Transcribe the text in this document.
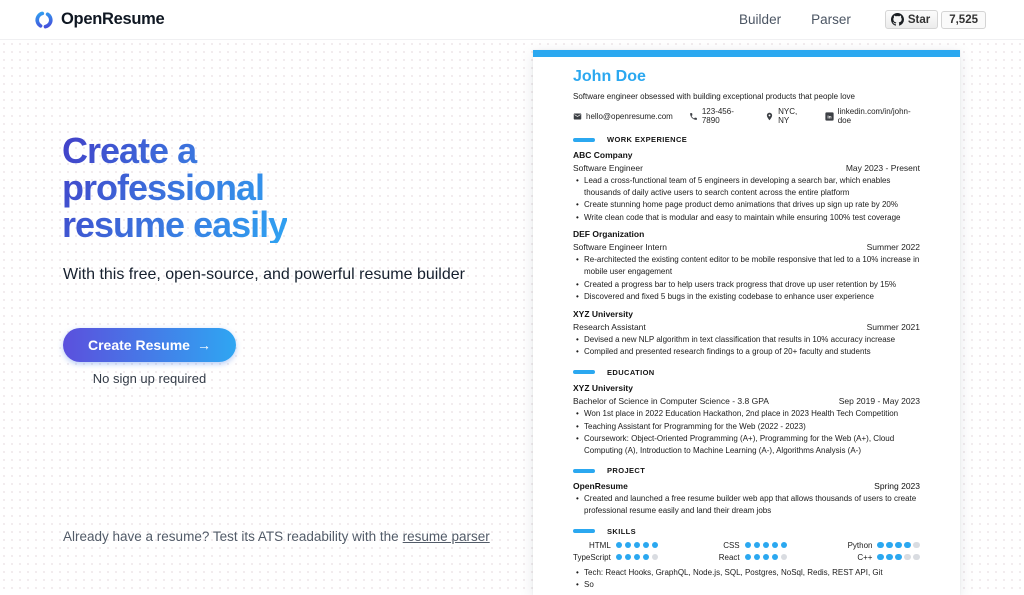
OpenResume	Builder Parser	Star	7,525
Create a
professional
resume easily

With this free, open-source, and powerful resume builder

Create Resume →
No sign up required

Already have a resume? Test its ATS readability with the resume parser

John Doe
Software engineer obsessed with building exceptional products that people love
hello@openresume.com	123-456-7890
NYC, NY	in
linkedin.com/in/john-doe
WORK EXPERIENCE
ABC Company
Software Engineer	May 2023 - Present
• Lead a cross-functional team of 5 engineers in developing a search bar, which enables thousands of daily active users to search content across the entire platform
• Create stunning home page product demo animations that drives up sign up rate by 20%
• Write clean code that is modular and easy to maintain while ensuring 100% test coverage
DEF Organization
Software Engineer Intern	Summer 2022
• Re-architected the existing content editor to be mobile responsive that led to a 10% increase in mobile user engagement
• Created a progress bar to help users track progress that drove up user retention by 15%
• Discovered and fixed 5 bugs in the existing codebase to enhance user experience
XYZ University
Research Assistant	Summer 2021
• Devised a new NLP algorithm in text classification that results in 10% accuracy increase
• Compiled and presented research findings to a group of 20+ faculty and students
EDUCATION
XYZ University
Bachelor of Science in Computer Science - 3.8 GPA	Sep 2019 - May 2023
• Won 1st place in 2022 Education Hackathon, 2nd place in 2023 Health Tech Competition
• Teaching Assistant for Programming for the Web (2022 - 2023)
• Coursework: Object-Oriented Programming (A+), Programming for the Web (A+), Cloud Computing (A), Introduction to Machine Learning (A-), Algorithms Analysis (A-)
PROJECT
OpenResume	Spring 2023
• Created and launched a free resume builder web app that allows thousands of users to create professional resume easily and land their dream jobs
SKILLS
HTML	CSS	Python
TypeScript	React	C++
• Tech: React Hooks, GraphQL, Node.js, SQL, Postgres, NoSql, Redis, REST API, Git
• So
